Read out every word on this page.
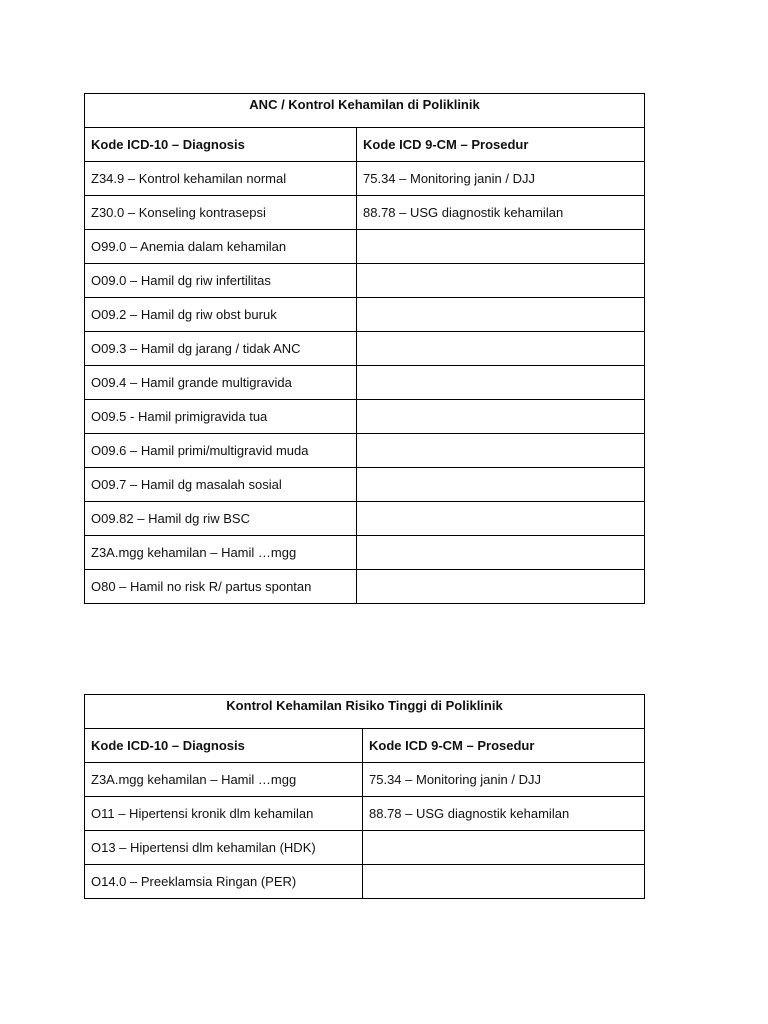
ANC / Kontrol Kehamilan di Poliklinik	
Kode ICD-10 – Diagnosis	Kode ICD 9-CM – Prosedur
Z34.9 – Kontrol kehamilan normal	75.34 – Monitoring janin / DJJ
Z30.0 – Konseling kontrasepsi	88.78 – USG diagnostik kehamilan
O99.0 – Anemia dalam kehamilan	
O09.0 – Hamil dg riw infertilitas	
O09.2 – Hamil dg riw obst buruk	
O09.3 – Hamil dg jarang / tidak ANC	
O09.4 – Hamil grande multigravida	
O09.5 - Hamil primigravida tua	
O09.6 – Hamil primi/multigravid muda	
O09.7 – Hamil dg masalah sosial	
O09.82 – Hamil dg riw BSC	
Z3A.mgg kehamilan – Hamil …mgg	
O80 – Hamil no risk R/ partus spontan	
Kontrol Kehamilan Risiko Tinggi di Poliklinik	
Kode ICD-10 – Diagnosis	Kode ICD 9-CM – Prosedur
Z3A.mgg kehamilan – Hamil …mgg	75.34 – Monitoring janin / DJJ
O11 – Hipertensi kronik dlm kehamilan	88.78 – USG diagnostik kehamilan
O13 – Hipertensi dlm kehamilan (HDK)	
O14.0 – Preeklamsia Ringan (PER)	
